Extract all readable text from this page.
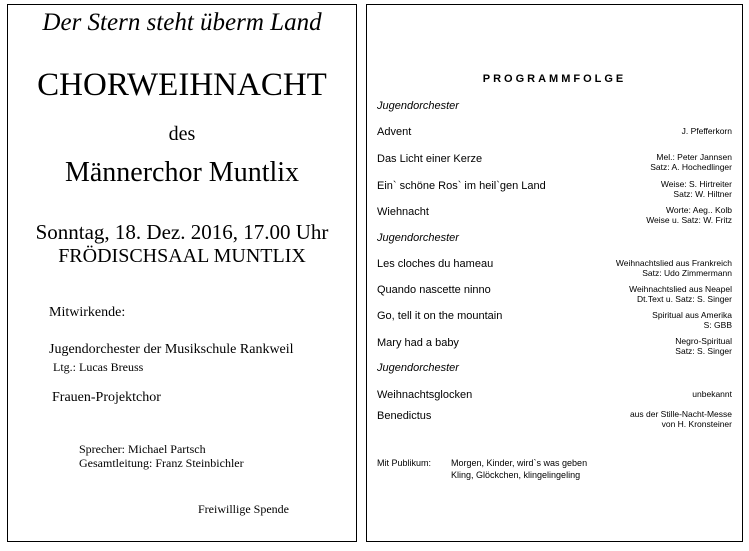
Der Stern steht überm Land
CHORWEIHNACHT
des
Männerchor Muntlix
Sonntag, 18. Dez. 2016, 17.00 Uhr
FRÖDISCHSAAL MUNTLIX
Mitwirkende:
Jugendorchester der Musikschule Rankweil
Ltg.: Lucas Breuss
Frauen-Projektchor
Sprecher: Michael Partsch
Gesamtleitung: Franz Steinbichler
Freiwillige Spende
PROGRAMMFOLGE
Jugendorchester
Advent	J. Pfefferkorn
Das Licht einer Kerze	Mel.: Peter Jannsen
Satz: A. Hochedlinger
Ein` schöne Ros` im heil`gen Land	Weise: S. Hirtreiter
Satz: W. Hiltner
Wiehnacht	Worte: Aeg.. Kolb
Weise u. Satz: W. Fritz
Jugendorchester
Les cloches du hameau	Weihnachtslied aus Frankreich
Satz: Udo Zimmermann
Quando nascette ninno	Weihnachtslied aus Neapel
Dt.Text u. Satz: S. Singer
Go, tell it on the mountain	Spiritual aus Amerika
S: GBB
Mary had a baby	Negro-Spiritual
Satz: S. Singer
Jugendorchester
Weihnachtsglocken	unbekannt
Benedictus	aus der Stille-Nacht-Messe
von H. Kronsteiner
Mit Publikum: Morgen, Kinder, wird`s was geben
Kling, Glöckchen, klingelingeling
